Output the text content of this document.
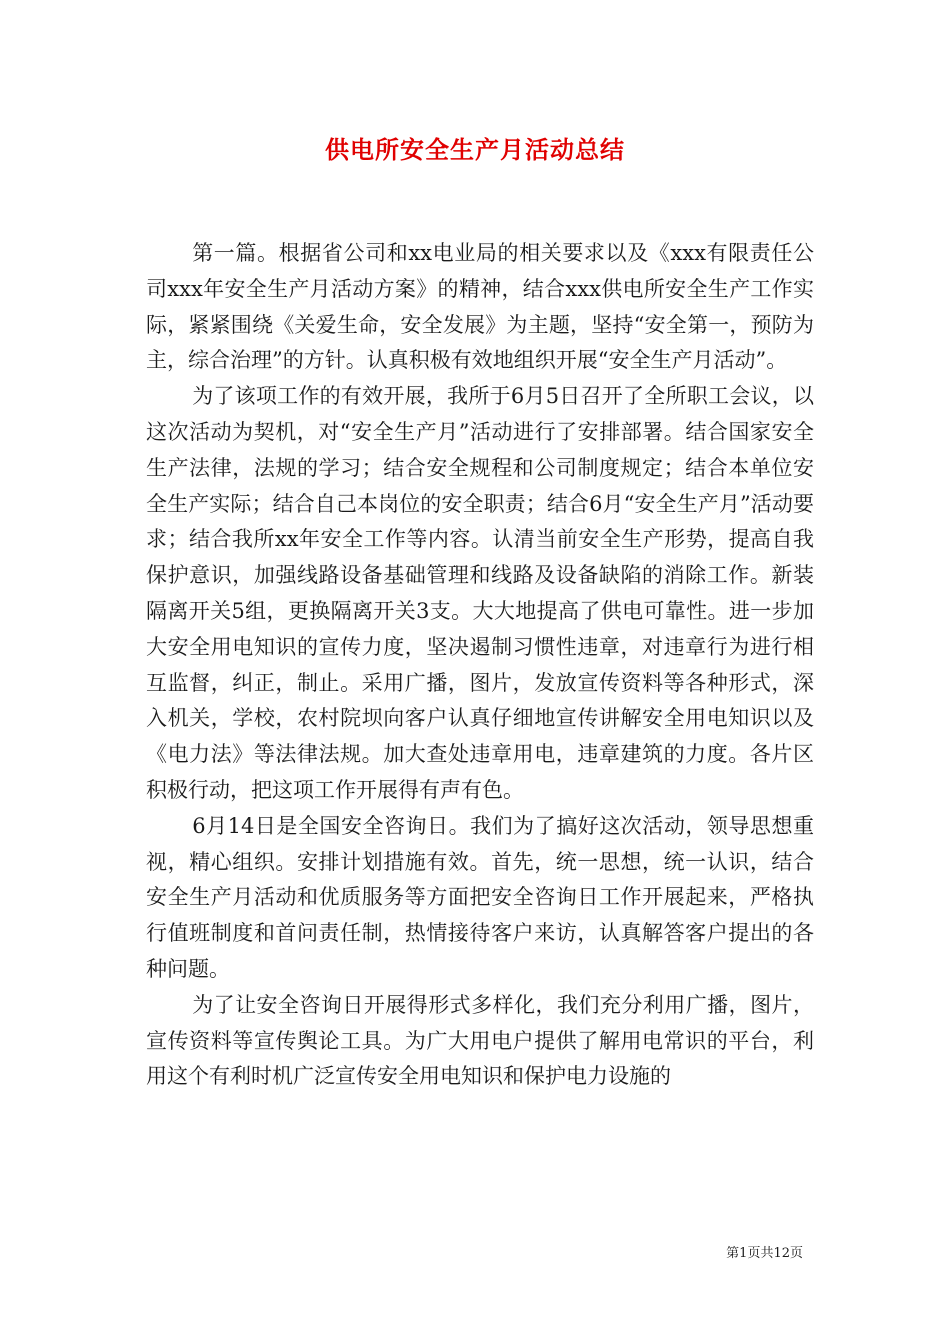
供电所安全生产月活动总结

第一篇。根据省公司和xx电业局的相关要求以及《xxx有限责任公司xxx年安全生产月活动方案》的精神，结合xxx供电所安全生产工作实际，紧紧围绕《关爱生命，安全发展》为主题，坚持“安全第一，预防为主，综合治理”的方针。认真积极有效地组织开展“安全生产月活动”。

为了该项工作的有效开展，我所于6月5日召开了全所职工会议，以这次活动为契机，对“安全生产月”活动进行了安排部署。结合国家安全生产法律，法规的学习；结合安全规程和公司制度规定；结合本单位安全生产实际；结合自己本岗位的安全职责；结合6月“安全生产月”活动要求；结合我所xx年安全工作等内容。认清当前安全生产形势，提高自我保护意识，加强线路设备基础管理和线路及设备缺陷的消除工作。新装隔离开关5组，更换隔离开关3支。大大地提高了供电可靠性。进一步加大安全用电知识的宣传力度，坚决遏制习惯性违章，对违章行为进行相互监督，纠正，制止。采用广播，图片，发放宣传资料等各种形式，深入机关，学校，农村院坝向客户认真仔细地宣传讲解安全用电知识以及《电力法》等法律法规。加大查处违章用电，违章建筑的力度。各片区积极行动，把这项工作开展得有声有色。

6月14日是全国安全咨询日。我们为了搞好这次活动，领导思想重视，精心组织。安排计划措施有效。首先，统一思想，统一认识，结合安全生产月活动和优质服务等方面把安全咨询日工作开展起来，严格执行值班制度和首问责任制，热情接待客户来访，认真解答客户提出的各种问题。

为了让安全咨询日开展得形式多样化，我们充分利用广播，图片，宣传资料等宣传舆论工具。为广大用电户提供了解用电常识的平台，利用这个有利时机广泛宣传安全用电知识和保护电力设施的

第1页共12页
